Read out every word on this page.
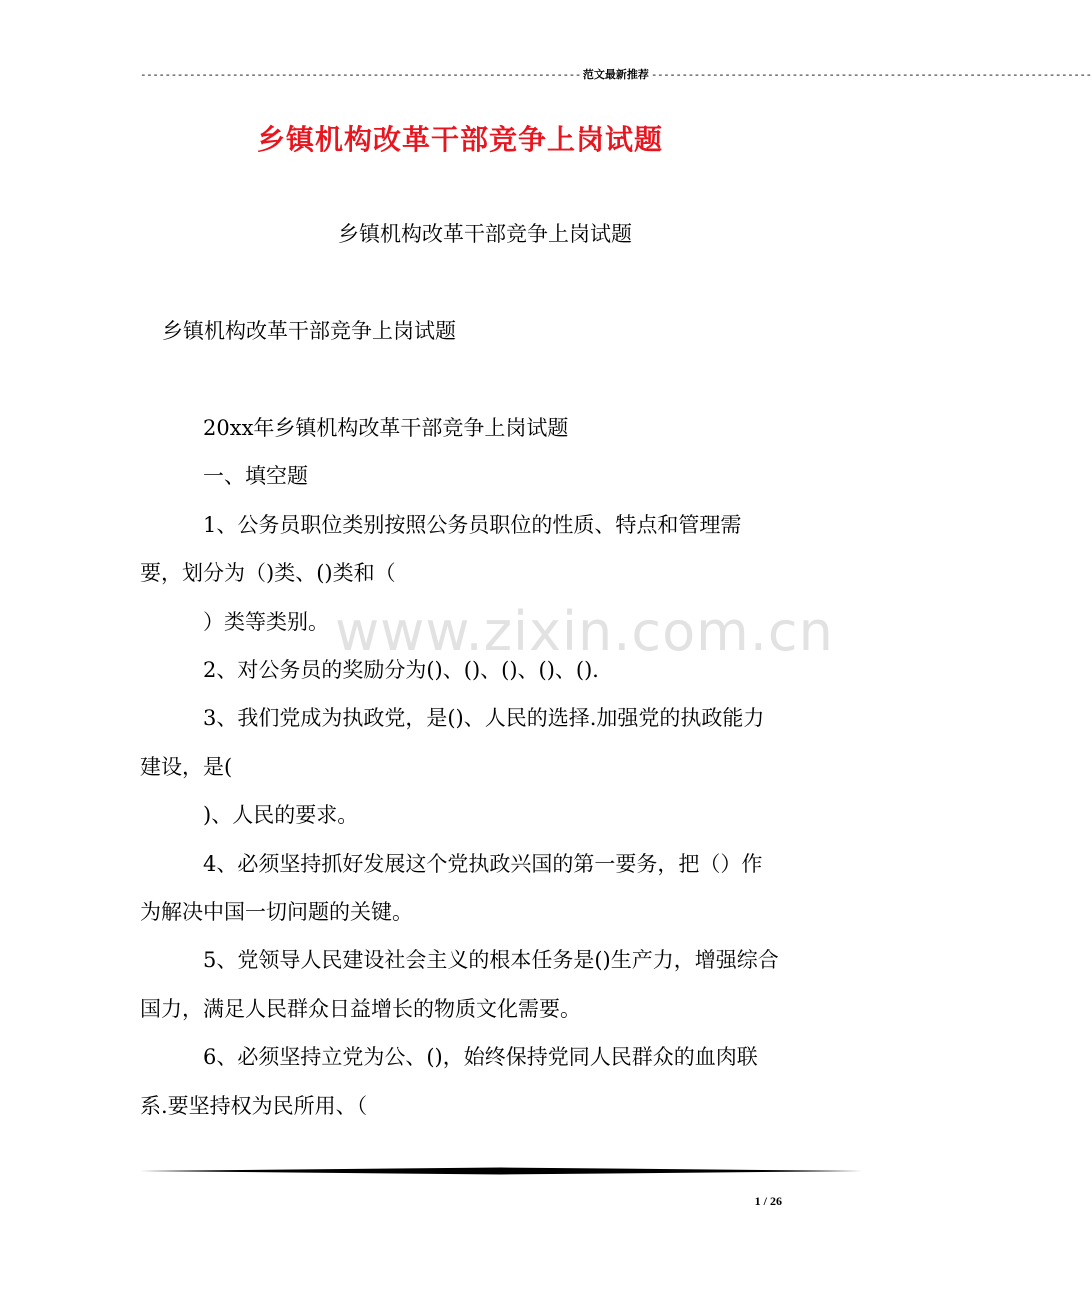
------------------------------------------------------------------------ 范文最新推荐 ------------------------------------------------------------------------
乡镇机构改革干部竞争上岗试题
乡镇机构改革干部竞争上岗试题
乡镇机构改革干部竞争上岗试题

20xx年乡镇机构改革干部竞争上岗试题

一、填空题

1、公务员职位类别按照公务员职位的性质、特点和管理需要，划分为（)类、()类和（

）类等类别。

2、对公务员的奖励分为()、()、()、()、()．

3、我们党成为执政党，是()、人民的选择.加强党的执政能力建设，是(

)、人民的要求。

4、必须坚持抓好发展这个党执政兴国的第一要务，把（）作为解决中国一切问题的关键。

5、党领导人民建设社会主义的根本任务是()生产力，增强综合国力，满足人民群众日益增长的物质文化需要。

6、必须坚持立党为公、()，始终保持党同人民群众的血肉联系.要坚持权为民所用、（

www.zixin.com.cn
1 / 26
